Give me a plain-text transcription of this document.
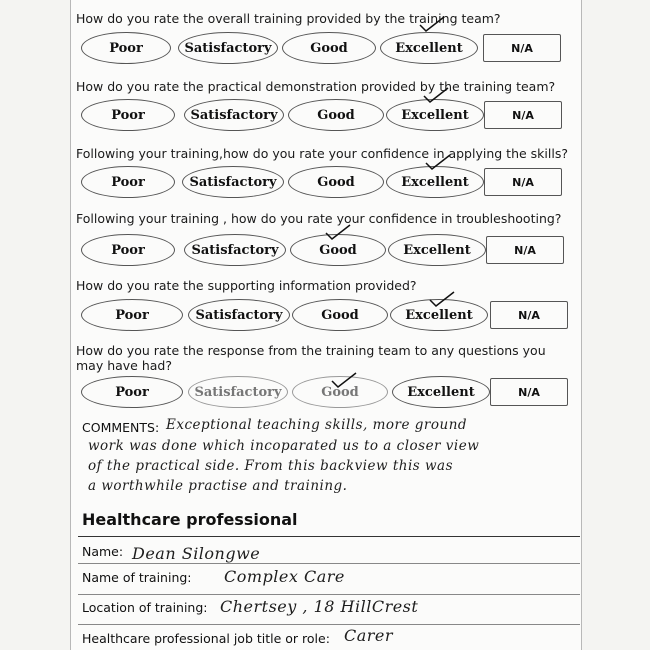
How do you rate the overall training provided by the training team?
Poor	Satisfactory	Good	Excellent	N/A
How do you rate the practical demonstration provided by the training team?
Poor	Satisfactory	Good	Excellent	N/A
Following your training,how do you rate your confidence in applying the skills?
Poor	Satisfactory	Good	Excellent	N/A
Following your training , how do you rate your confidence in troubleshooting?
Poor	Satisfactory	Good	Excellent	N/A
How do you rate the supporting information provided?
Poor	Satisfactory	Good	Excellent	N/A
How do you rate the response from the training team to any questions you may have had?
Poor	Satisfactory	Good	Excellent	N/A
COMMENTS: Exceptional teaching skills, more ground
work was done which incoparated us to a closer view
of the practical side. From this backview this was
a worthwhile practise and training.
Healthcare professional
Name: Dean Silongwe
Name of training: Complex Care
Location of training: Chertsey , 18 HillCrest
Healthcare professional job title or role: Carer
